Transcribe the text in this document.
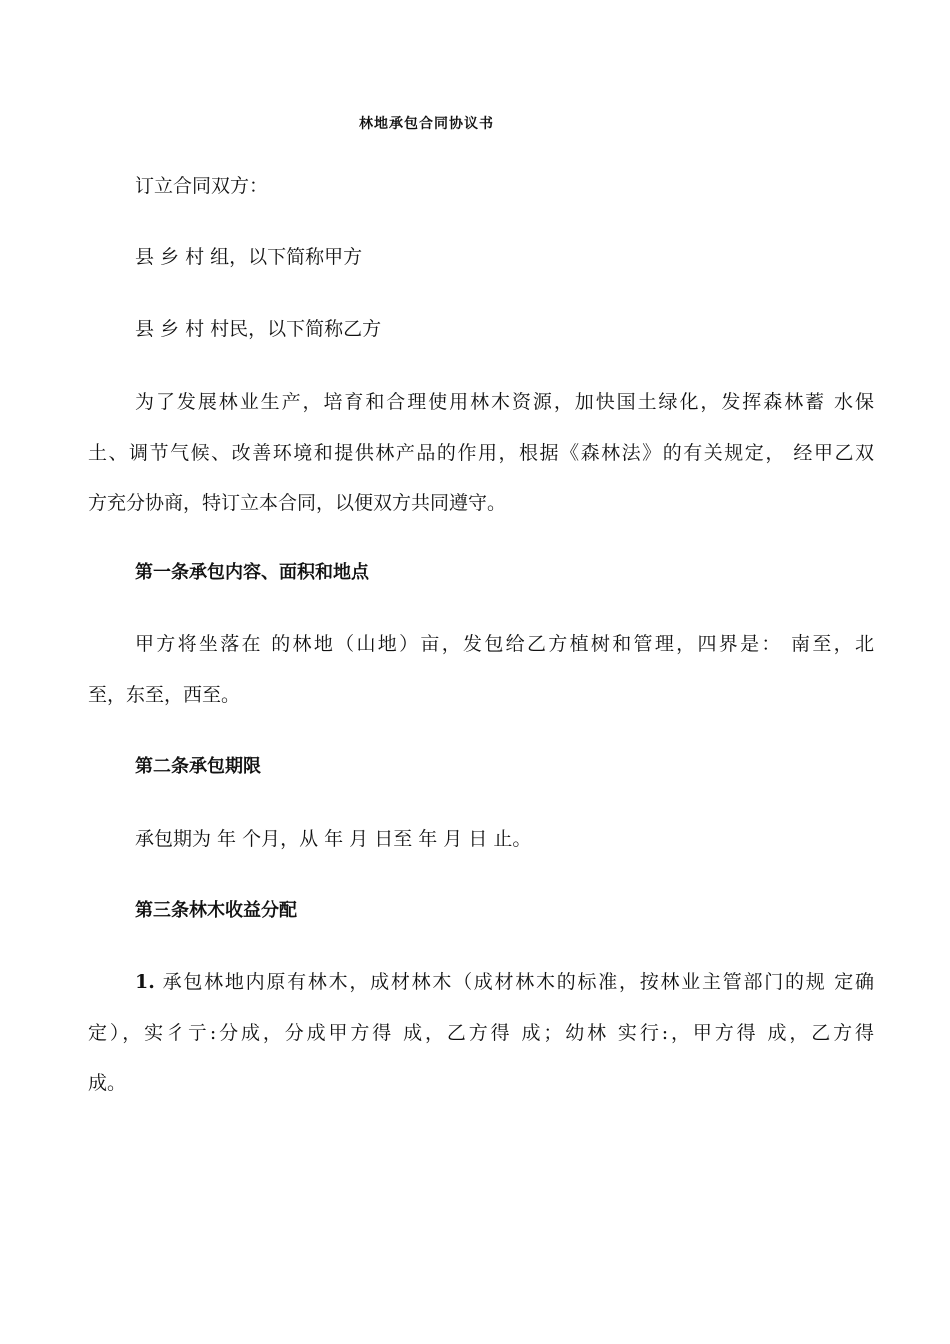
林地承包合同协议书
订立合同双方：
县 乡 村 组，以下简称甲方
县 乡 村 村民，以下简称乙方
为了发展林业生产，培育和合理使用林木资源，加快国土绿化，发挥森林蓄 水保
土、调节气候、改善环境和提供林产品的作用，根据《森林法》的有关规定， 经甲乙双
方充分协商，特订立本合同，以便双方共同遵守。
第一条承包内容、面积和地点
甲方将坐落在 的林地（山地）亩，发包给乙方植树和管理，四界是： 南至，北
至，东至，西至。
第二条承包期限
承包期为 年 个月，从 年 月 日至 年 月 日 止。
第三条林木收益分配
1. 承包林地内原有林木，成材林木（成材林木的标准，按林业主管部门的规 定确
定），实彳亍:分成，分成甲方得 成，乙方得 成；幼林 实行:，甲方得 成，乙方得
成。
